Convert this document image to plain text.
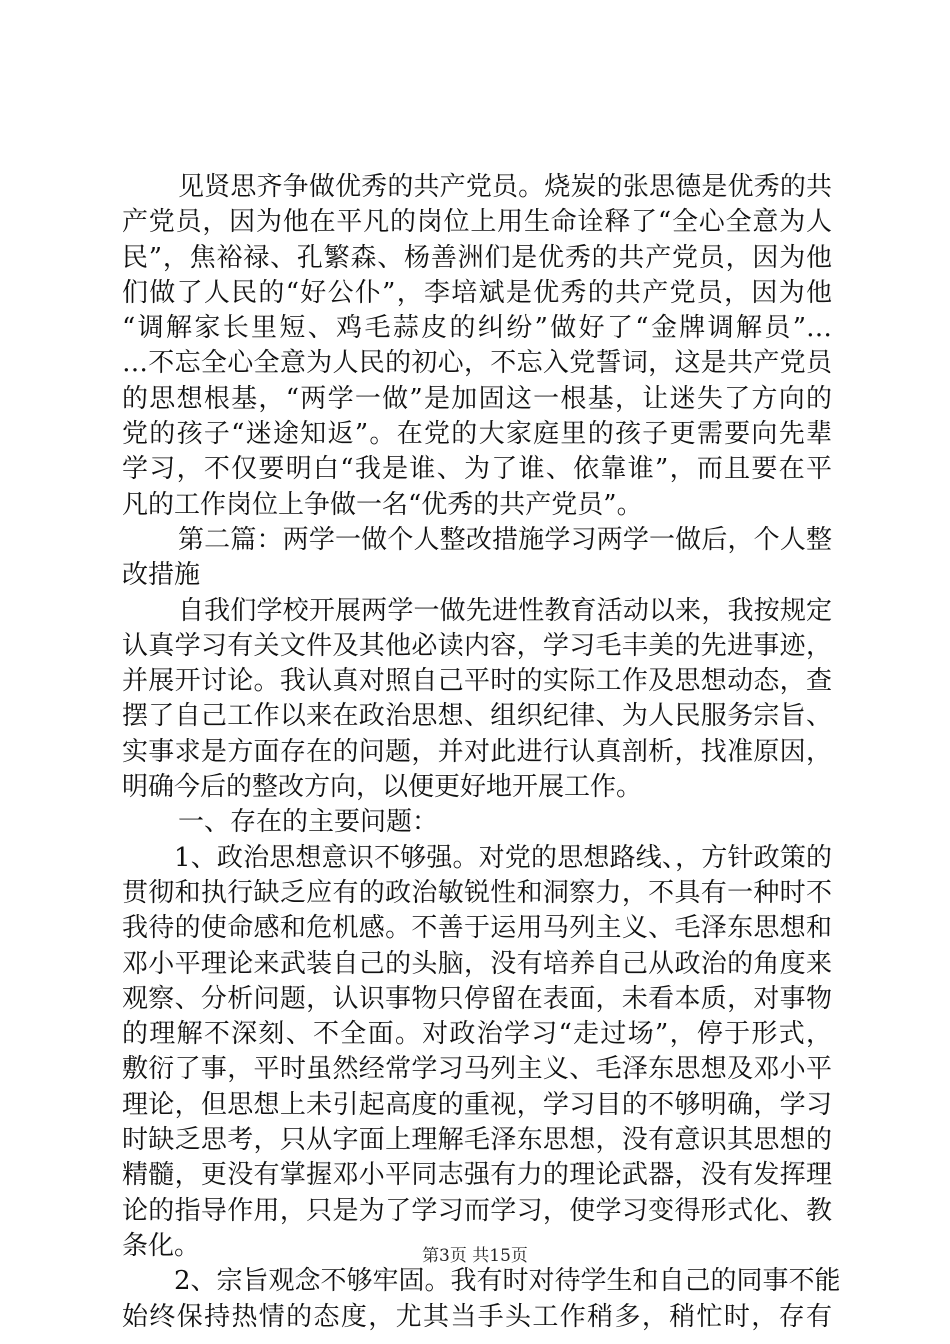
见贤思齐争做优秀的共产党员。烧炭的张思德是优秀的共
产党员，因为他在平凡的岗位上用生命诠释了“全心全意为人
民”，焦裕禄、孔繁森、杨善洲们是优秀的共产党员，因为他
们做了人民的“好公仆”，李培斌是优秀的共产党员，因为他
“调解家长里短、鸡毛蒜皮的纠纷”做好了“金牌调解员”…
…不忘全心全意为人民的初心，不忘入党誓词，这是共产党员
的思想根基，“两学一做”是加固这一根基，让迷失了方向的
党的孩子“迷途知返”。在党的大家庭里的孩子更需要向先辈
学习，不仅要明白“我是谁、为了谁、依靠谁”，而且要在平
凡的工作岗位上争做一名“优秀的共产党员”。
第二篇：两学一做个人整改措施学习两学一做后，个人整
改措施
自我们学校开展两学一做先进性教育活动以来，我按规定
认真学习有关文件及其他必读内容，学习毛丰美的先进事迹，
并展开讨论。我认真对照自己平时的实际工作及思想动态，查
摆了自己工作以来在政治思想、组织纪律、为人民服务宗旨、
实事求是方面存在的问题，并对此进行认真剖析，找准原因，
明确今后的整改方向，以便更好地开展工作。
一、存在的主要问题：
1、政治思想意识不够强。对党的思想路线、，方针政策的
贯彻和执行缺乏应有的政治敏锐性和洞察力，不具有一种时不
我待的使命感和危机感。不善于运用马列主义、毛泽东思想和
邓小平理论来武装自己的头脑，没有培养自己从政治的角度来
观察、分析问题，认识事物只停留在表面，未看本质，对事物
的理解不深刻、不全面。对政治学习“走过场”，停于形式，
敷衍了事，平时虽然经常学习马列主义、毛泽东思想及邓小平
理论，但思想上未引起高度的重视，学习目的不够明确，学习
时缺乏思考，只从字面上理解毛泽东思想，没有意识其思想的
精髓，更没有掌握邓小平同志强有力的理论武器，没有发挥理
论的指导作用，只是为了学习而学习，使学习变得形式化、教
条化。
2、宗旨观念不够牢固。我有时对待学生和自己的同事不能
始终保持热情的态度，尤其当手头工作稍多，稍忙时，存有
第3页 共15页
